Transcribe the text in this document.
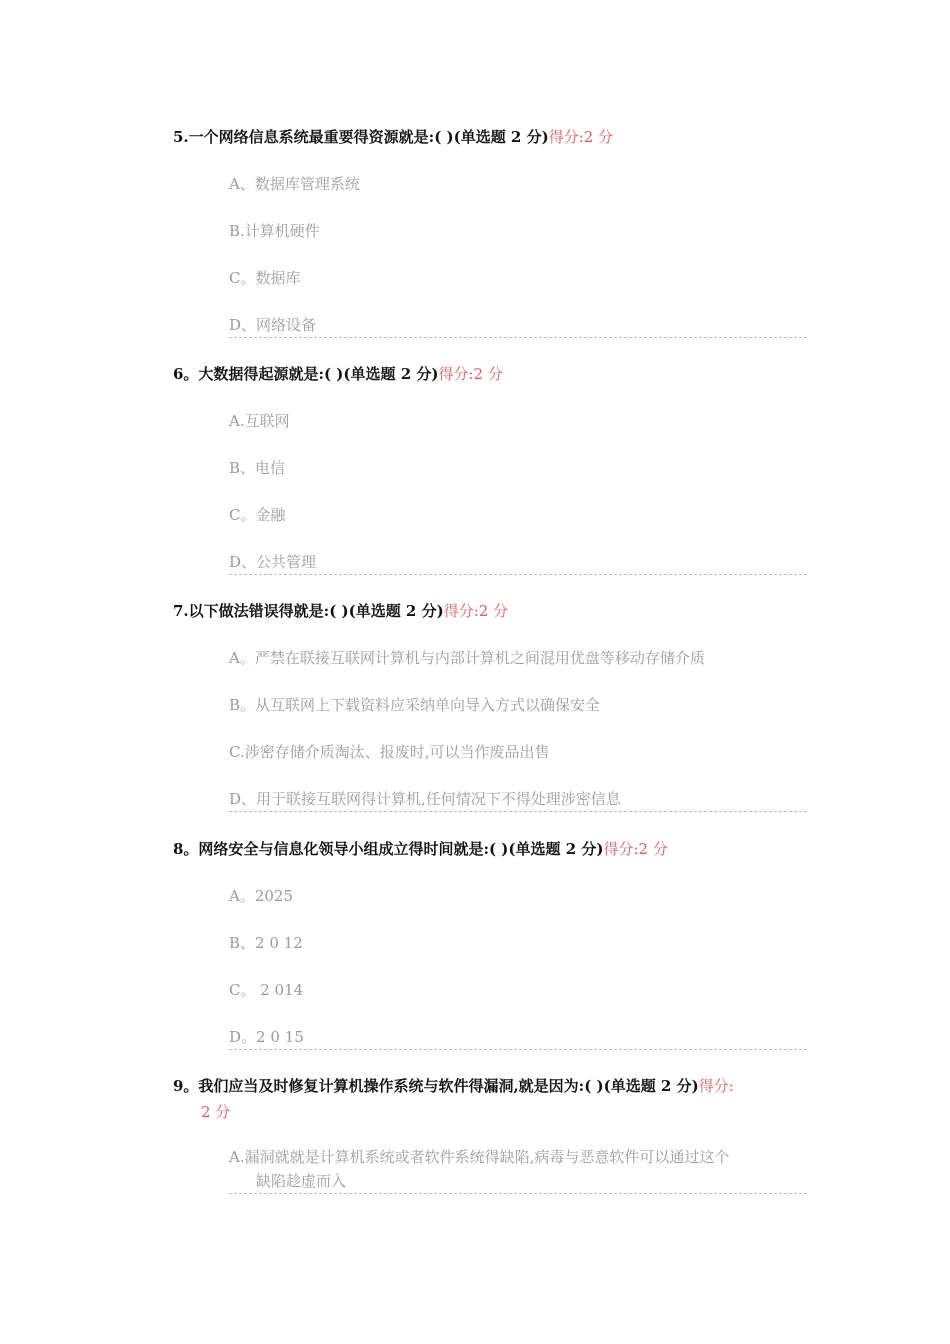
5.一个网络信息系统最重要得资源就是:( )(单选题 2 分)得分:2 分
A、数据库管理系统
B.计算机硬件
C。数据库
D、网络设备
6。大数据得起源就是:( )(单选题 2 分)得分:2 分
A.互联网
B、电信
C。金融
D、公共管理
7.以下做法错误得就是:( )(单选题 2 分)得分:2 分
A。严禁在联接互联网计算机与内部计算机之间混用优盘等移动存储介质
B。从互联网上下载资料应采纳单向导入方式以确保安全
C.涉密存储介质淘汰、报废时,可以当作废品出售
D、用于联接互联网得计算机,任何情况下不得处理涉密信息
8。网络安全与信息化领导小组成立得时间就是:( )(单选题 2 分)得分:2 分
A。2025
B、2 0 12
C。 2 014
D。2 0 15
9。我们应当及时修复计算机操作系统与软件得漏洞,就是因为:( )(单选题 2 分)得分:
2 分
A.漏洞就就是计算机系统或者软件系统得缺陷,病毒与恶意软件可以通过这个
缺陷趁虚而入
